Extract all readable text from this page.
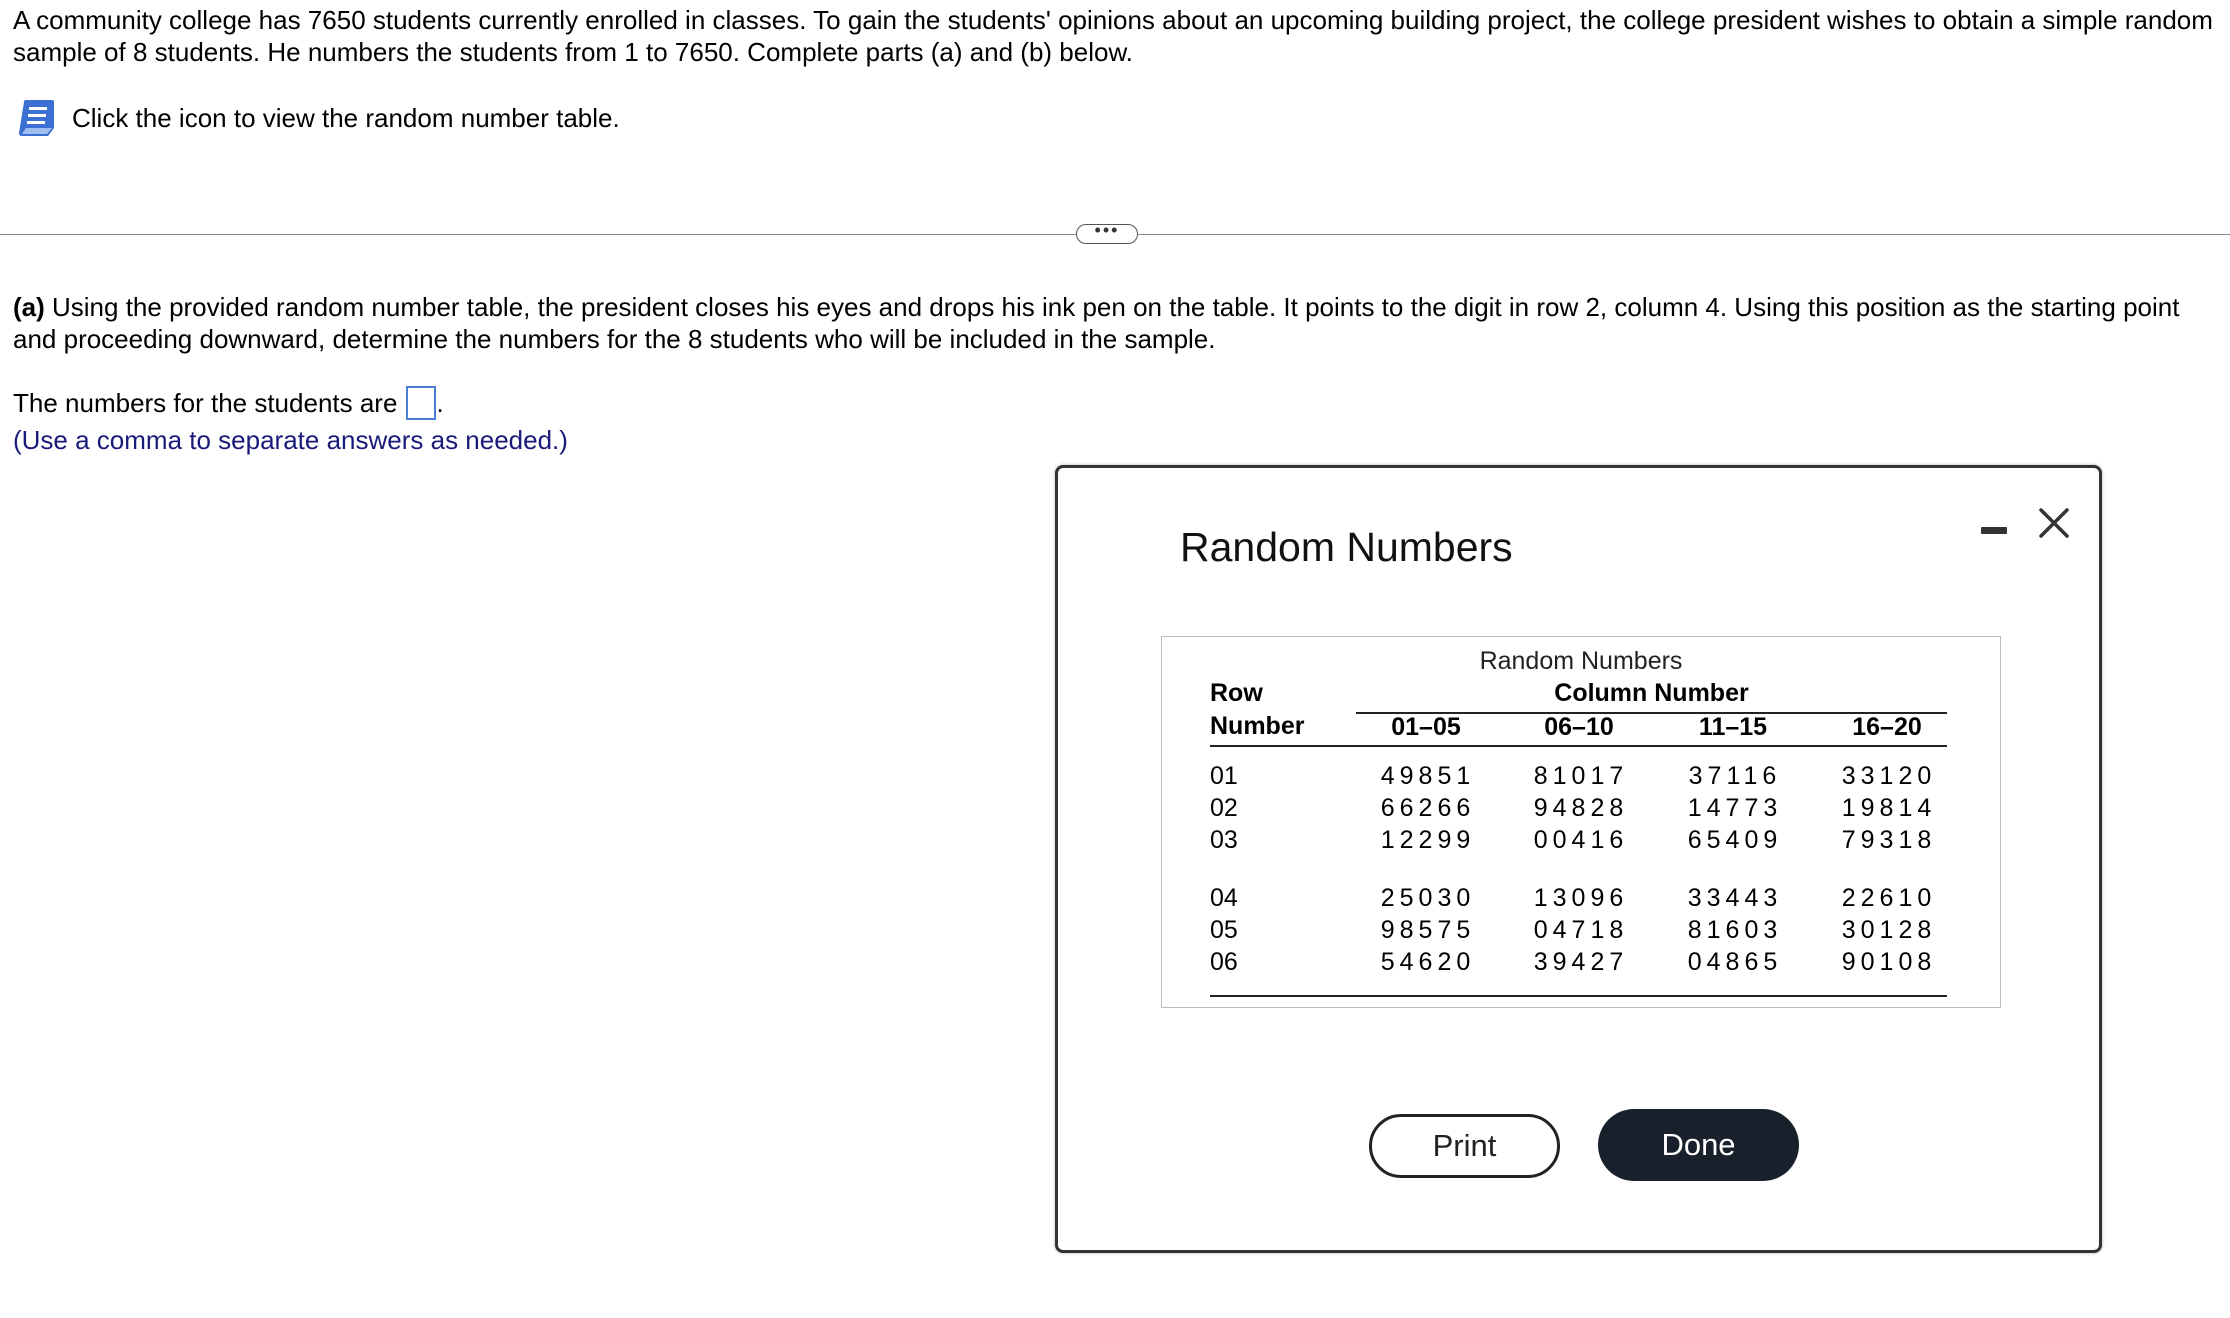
A community college has 7650 students currently enrolled in classes. To gain the students' opinions about an upcoming building project, the college president wishes to obtain a simple random sample of 8 students. He numbers the students from 1 to 7650. Complete parts (a) and (b) below.

Click the icon to view the random number table.
•••

(a) Using the provided random number table, the president closes his eyes and drops his ink pen on the table. It points to the digit in row 2, column 4. Using this position as the starting point and proceeding downward, determine the numbers for the 8 students who will be included in the sample.

The numbers for the students are .
(Use a comma to separate answers as needed.)
Random Numbers
Random Numbers
Row
Number
Column Number
01–05	06–10	11–15	16–20
01	49851	81017	37116	33120
02	66266	94828	14773	19814
03	12299	00416	65409	79318
04	25030	13096	33443	22610
05	98575	04718	81603	30128
06	54620	39427	04865	90108
Print	Done
